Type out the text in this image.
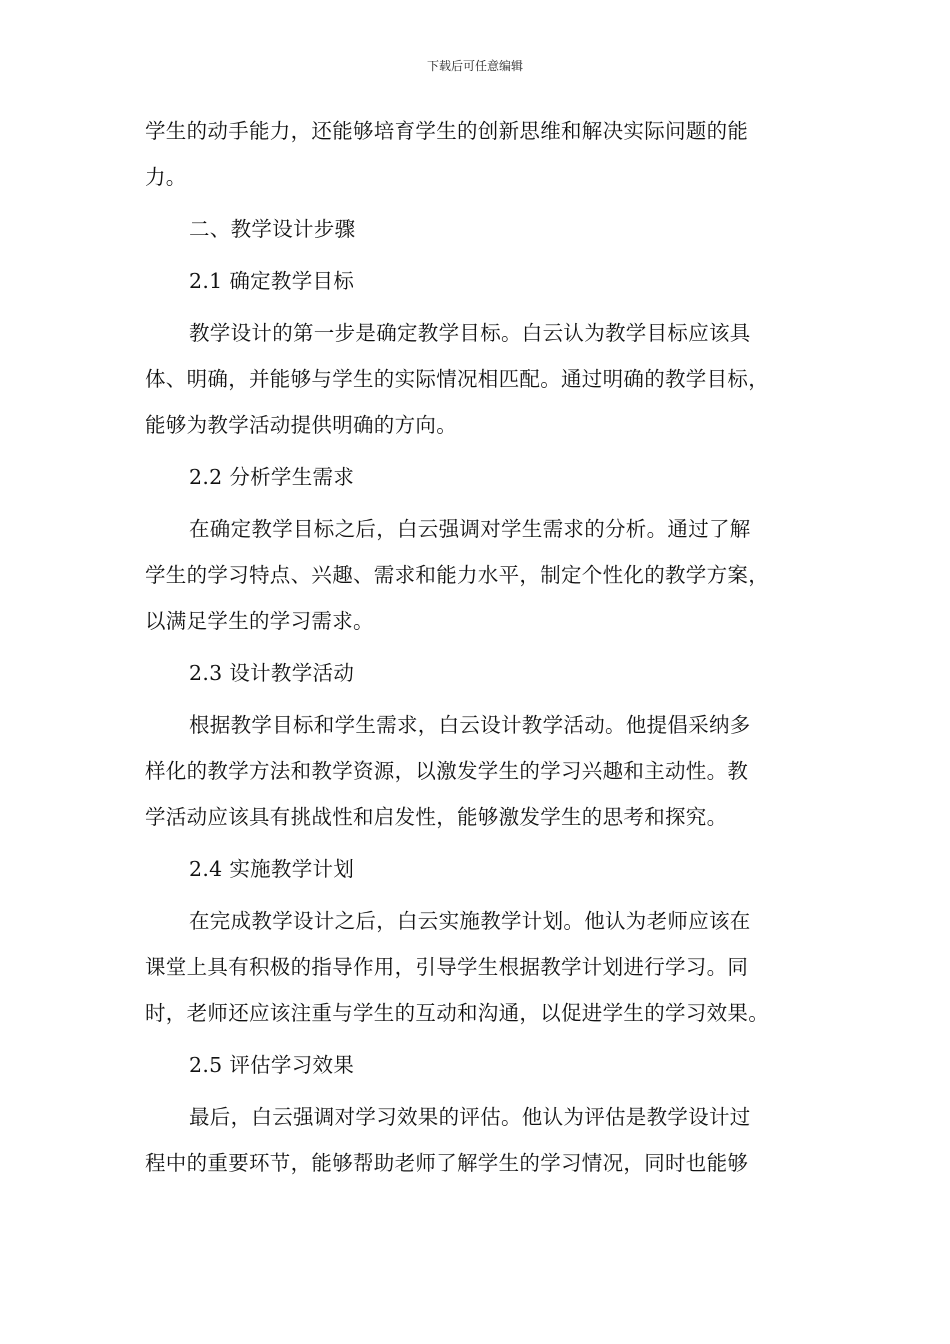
下载后可任意编辑
学生的动手能力，还能够培育学生的创新思维和解决实际问题的能
力。
二、教学设计步骤
2.1 确定教学目标
教学设计的第一步是确定教学目标。白云认为教学目标应该具
体、明确，并能够与学生的实际情况相匹配。通过明确的教学目标，
能够为教学活动提供明确的方向。
2.2 分析学生需求
在确定教学目标之后，白云强调对学生需求的分析。通过了解
学生的学习特点、兴趣、需求和能力水平，制定个性化的教学方案，
以满足学生的学习需求。
2.3 设计教学活动
根据教学目标和学生需求，白云设计教学活动。他提倡采纳多
样化的教学方法和教学资源，以激发学生的学习兴趣和主动性。教
学活动应该具有挑战性和启发性，能够激发学生的思考和探究。
2.4 实施教学计划
在完成教学设计之后，白云实施教学计划。他认为老师应该在
课堂上具有积极的指导作用，引导学生根据教学计划进行学习。同
时，老师还应该注重与学生的互动和沟通，以促进学生的学习效果。
2.5 评估学习效果
最后，白云强调对学习效果的评估。他认为评估是教学设计过
程中的重要环节，能够帮助老师了解学生的学习情况，同时也能够
